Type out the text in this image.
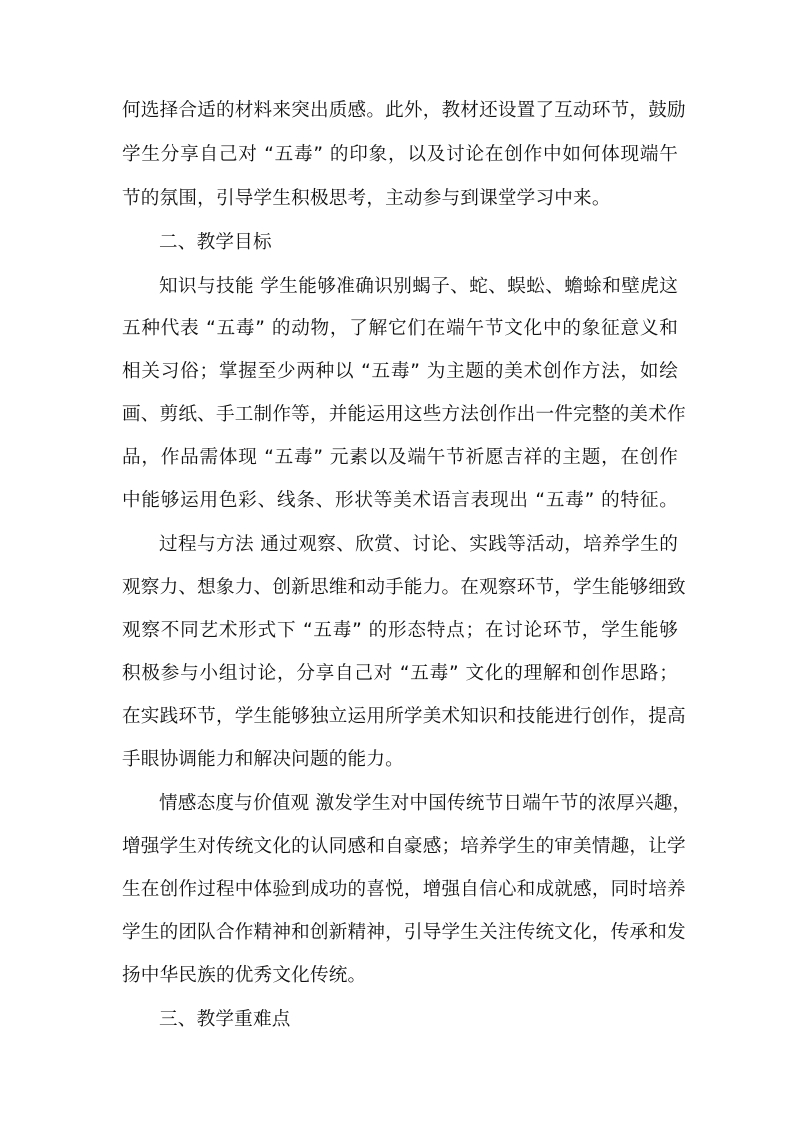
何选择合适的材料来突出质感。此外，教材还设置了互动环节，鼓励
学生分享自己对 “五毒” 的印象，以及讨论在创作中如何体现端午
节的氛围，引导学生积极思考，主动参与到课堂学习中来。
二、教学目标
知识与技能 学生能够准确识别蝎子、蛇、蜈蚣、蟾蜍和壁虎这
五种代表 “五毒” 的动物，了解它们在端午节文化中的象征意义和
相关习俗；掌握至少两种以 “五毒” 为主题的美术创作方法，如绘
画、剪纸、手工制作等，并能运用这些方法创作出一件完整的美术作
品，作品需体现 “五毒” 元素以及端午节祈愿吉祥的主题，在创作
中能够运用色彩、线条、形状等美术语言表现出 “五毒” 的特征。
过程与方法 通过观察、欣赏、讨论、实践等活动，培养学生的
观察力、想象力、创新思维和动手能力。在观察环节，学生能够细致
观察不同艺术形式下 “五毒” 的形态特点；在讨论环节，学生能够
积极参与小组讨论，分享自己对 “五毒” 文化的理解和创作思路；
在实践环节，学生能够独立运用所学美术知识和技能进行创作，提高
手眼协调能力和解决问题的能力。
情感态度与价值观 激发学生对中国传统节日端午节的浓厚兴趣，
增强学生对传统文化的认同感和自豪感；培养学生的审美情趣，让学
生在创作过程中体验到成功的喜悦，增强自信心和成就感，同时培养
学生的团队合作精神和创新精神，引导学生关注传统文化，传承和发
扬中华民族的优秀文化传统。
三、教学重难点
